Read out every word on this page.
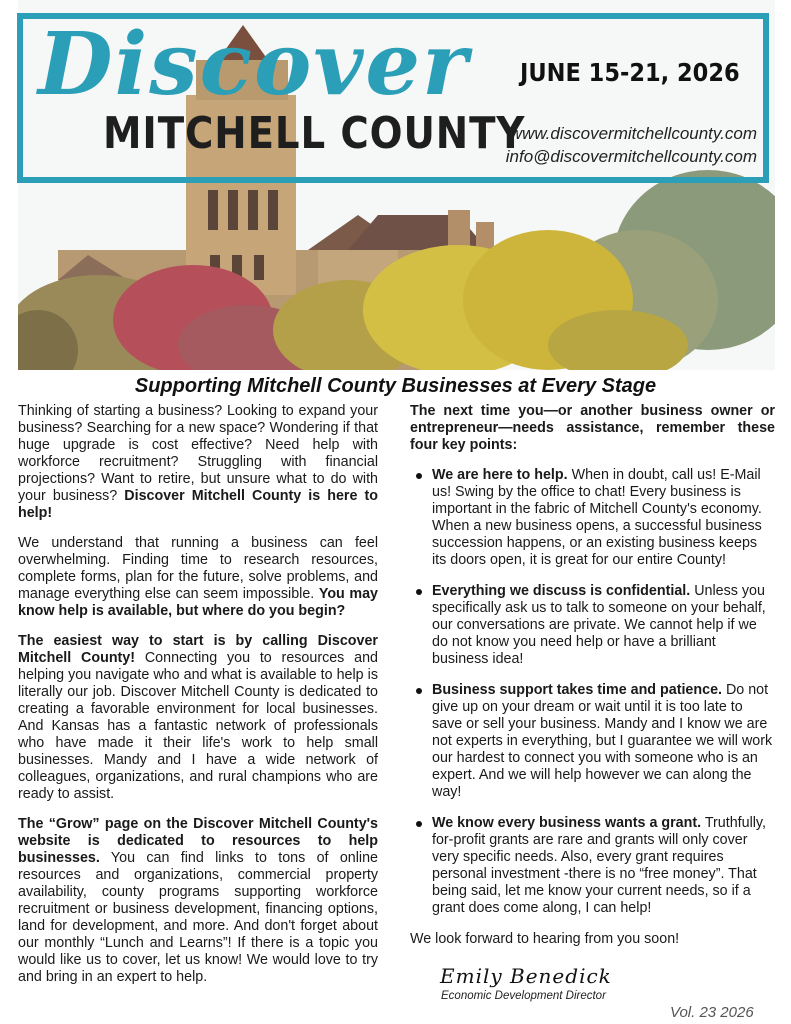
Discover
MITCHELL COUNTY
JUNE 15-21, 2026
www.discovermitchellcounty.com
info@discovermitchellcounty.com
Supporting Mitchell County Businesses at Every Stage

Thinking of starting a business? Looking to expand your business? Searching for a new space? Wondering if that huge upgrade is cost effective? Need help with workforce recruitment? Struggling with financial projections? Want to retire, but unsure what to do with your business? Discover Mitchell County is here to help!

We understand that running a business can feel overwhelming. Finding time to research resources, complete forms, plan for the future, solve problems, and manage everything else can seem impossible. You may know help is available, but where do you begin?

The easiest way to start is by calling Discover Mitchell County! Connecting you to resources and helping you navigate who and what is available to help is literally our job. Discover Mitchell County is dedicated to creating a favorable environment for local businesses. And Kansas has a fantastic network of professionals who have made it their life's work to help small businesses. Mandy and I have a wide network of colleagues, organizations, and rural champions who are ready to assist.

The “Grow” page on the Discover Mitchell County's website is dedicated to resources to help businesses. You can find links to tons of online resources and organizations, commercial property availability, county programs supporting workforce recruitment or business development, financing options, land for development, and more. And don't forget about our monthly “Lunch and Learns”! If there is a topic you would like us to cover, let us know! We would love to try and bring in an expert to help.

The next time you—or another business owner or entrepreneur—needs assistance, remember these four key points:

We are here to help. When in doubt, call us! E-Mail us! Swing by the office to chat! Every business is important in the fabric of Mitchell County's economy. When a new business opens, a successful business succession happens, or an existing business keeps its doors open, it is great for our entire County!
Everything we discuss is confidential. Unless you specifically ask us to talk to someone on your behalf, our conversations are private. We cannot help if we do not know you need help or have a brilliant business idea!
Business support takes time and patience. Do not give up on your dream or wait until it is too late to save or sell your business. Mandy and I know we are not experts in everything, but I guarantee we will work our hardest to connect you with someone who is an expert. And we will help however we can along the way!
We know every business wants a grant. Truthfully, for-profit grants are rare and grants will only cover very specific needs. Also, every grant requires personal investment -there is no “free money”. That being said, let me know your current needs, so if a grant does come along, I can help!

We look forward to hearing from you soon!

Emily Benedick
Economic Development Director
Vol. 23 2026
